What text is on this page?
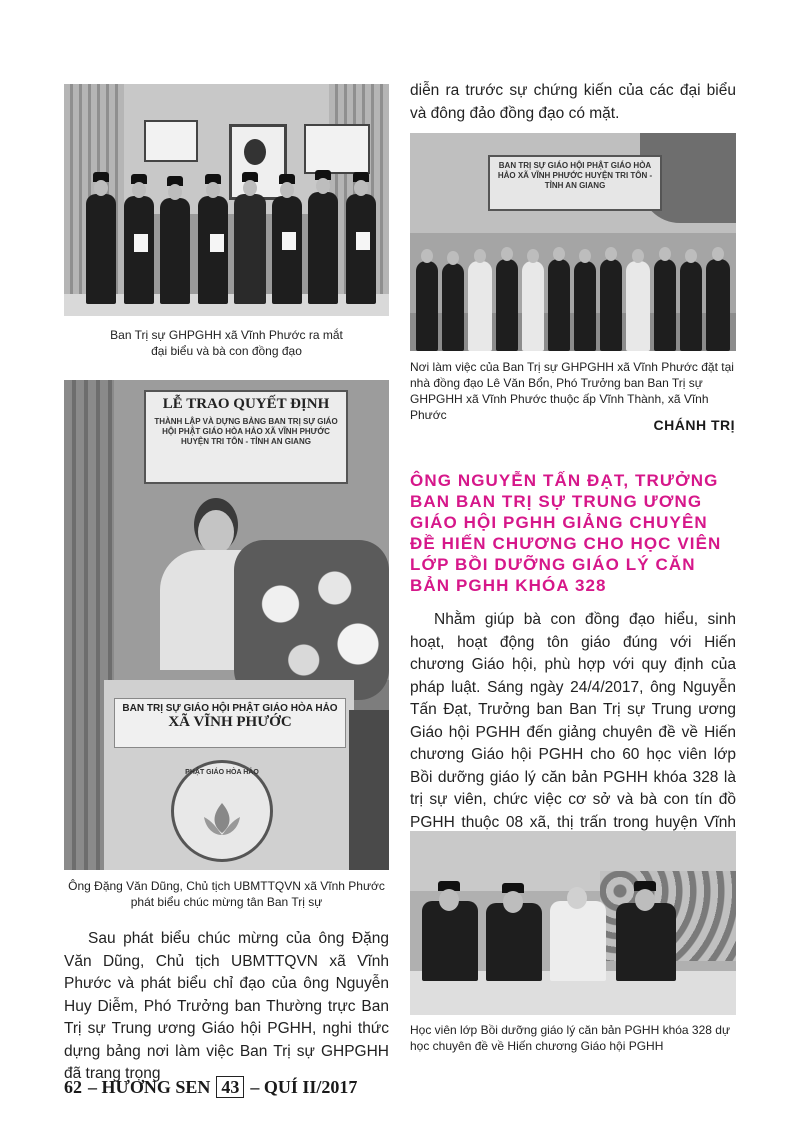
Ban Trị sự GHPGHH xã Vĩnh Phước ra mắt
đại biểu và bà con đồng đạo

diễn ra trước sự chứng kiến của các đại biểu và đông đảo đồng đạo có mặt.

BAN TRỊ SỰ GIÁO HỘI PHẬT GIÁO HÒA HẢO XÃ VĨNH PHƯỚC HUYỆN TRI TÔN - TỈNH AN GIANG
Nơi làm việc của Ban Trị sự GHPGHH xã Vĩnh Phước đặt tại nhà đồng đạo Lê Văn Bổn, Phó Trưởng ban Ban Trị sự GHPGHH xã Vĩnh Phước thuộc ấp Vĩnh Thành, xã Vĩnh Phước
CHÁNH TRỊ
LỄ TRAO QUYẾT ĐỊNH
THÀNH LẬP VÀ DỰNG BẢNG BAN TRỊ SỰ GIÁO HỘI PHẬT GIÁO HÒA HẢO XÃ VĨNH PHƯỚC HUYỆN TRI TÔN - TỈNH AN GIANG
BAN TRỊ SỰ GIÁO HỘI PHẬT GIÁO HÒA HẢO
XÃ VĨNH PHƯỚC
PHẬT GIÁO HÒA HẢO
Ông Đặng Văn Dũng, Chủ tịch UBMTTQVN xã Vĩnh Phước
phát biểu chúc mừng tân Ban Trị sự
ÔNG NGUYỄN TẤN ĐẠT, TRƯỞNG BAN BAN TRỊ SỰ TRUNG ƯƠNG GIÁO HỘI PGHH GIẢNG CHUYÊN ĐỀ HIẾN CHƯƠNG CHO HỌC VIÊN LỚP BỒI DƯỠNG GIÁO LÝ CĂN BẢN PGHH KHÓA 328

Nhằm giúp bà con đồng đạo hiểu, sinh hoạt, hoạt động tôn giáo đúng với Hiến chương Giáo hội, phù hợp với quy định của pháp luật. Sáng ngày 24/4/2017, ông Nguyễn Tấn Đạt, Trưởng ban Ban Trị sự Trung ương Giáo hội PGHH đến giảng chuyên đề về Hiến chương Giáo hội PGHH cho 60 học viên lớp Bồi dưỡng giáo lý căn bản PGHH khóa 328 là trị sự viên, chức việc cơ sở và bà con tín đồ PGHH thuộc 08 xã, thị trấn trong huyện Vĩnh

Học viên lớp Bồi dưỡng giáo lý căn bản PGHH khóa 328 dự học chuyên đề về Hiến chương Giáo hội PGHH

Sau phát biểu chúc mừng của ông Đặng Văn Dũng, Chủ tịch UBMTTQVN xã Vĩnh Phước và phát biểu chỉ đạo của ông Nguyễn Huy Diễm, Phó Trưởng ban Thường trực Ban Trị sự Trung ương Giáo hội PGHH, nghi thức dựng bảng nơi làm việc Ban Trị sự GHPGHH đã trang trọng

62 – HƯƠNG SEN 43 – QUÍ II/2017
